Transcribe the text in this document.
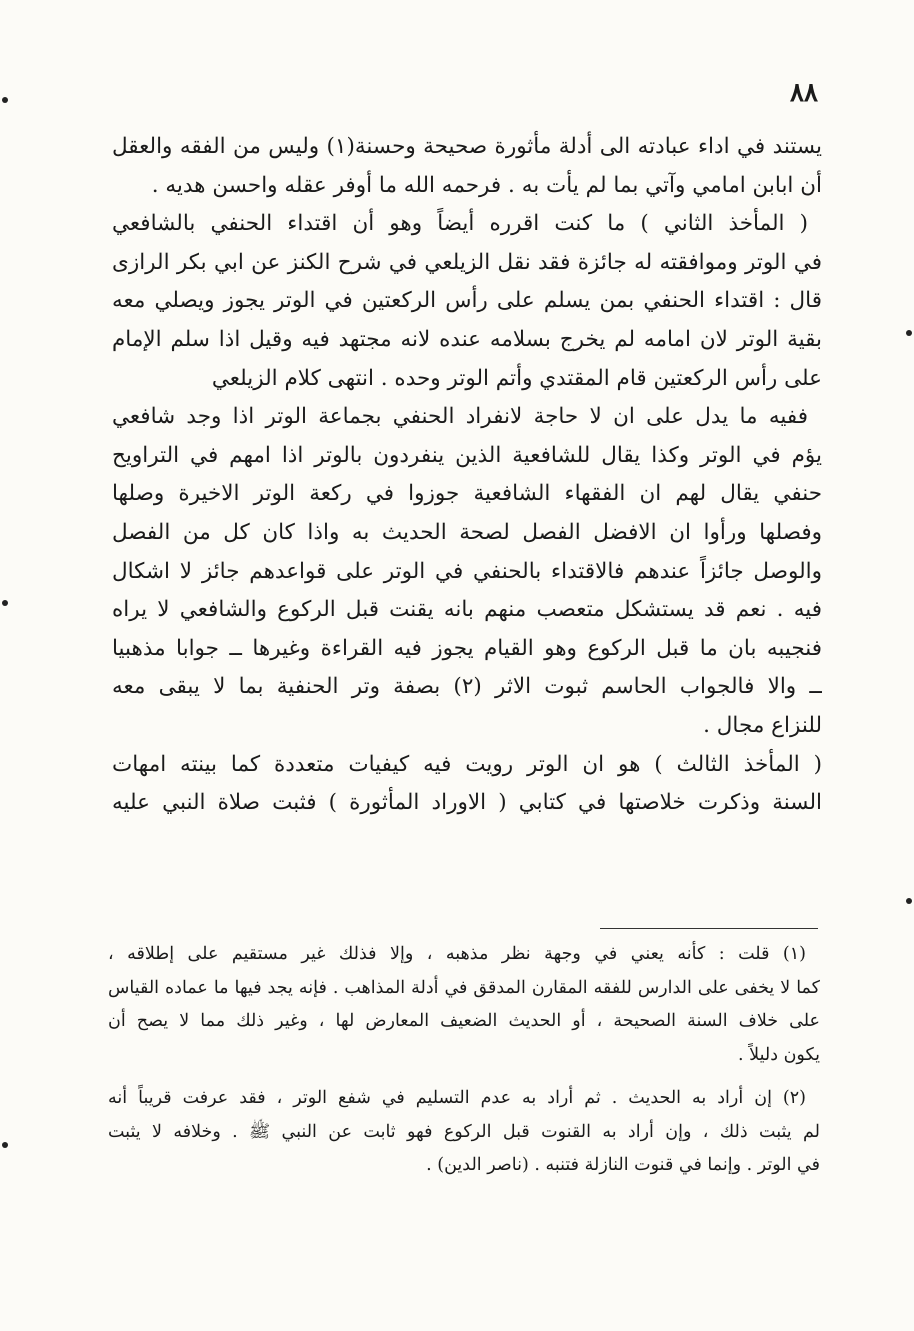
٨٨
يستند في اداء عبادته الى أدلة مأثورة صحيحة وحسنة(١) وليس من الفقه والعقل
أن ابابن امامي وآتي بما لم يأت به . فرحمه الله ما أوفر عقله واحسن هديه .
( المأخذ الثاني ) ما كنت اقرره أيضاً وهو أن اقتداء الحنفي بالشافعي
في الوتر وموافقته له جائزة فقد نقل الزيلعي في شرح الكنز عن ابي بكر الرازى
قال : اقتداء الحنفي بمن يسلم على رأس الركعتين في الوتر يجوز ويصلي معه
بقية الوتر لان امامه لم يخرج بسلامه عنده لانه مجتهد فيه وقيل اذا سلم الإمام
على رأس الركعتين قام المقتدي وأتم الوتر وحده . انتهى كلام الزيلعي
ففيه ما يدل على ان لا حاجة لانفراد الحنفي بجماعة الوتر اذا وجد شافعي
يؤم في الوتر وكذا يقال للشافعية الذين ينفردون بالوتر اذا امهم في التراويح
حنفي يقال لهم ان الفقهاء الشافعية جوزوا في ركعة الوتر الاخيرة وصلها
وفصلها ورأوا ان الافضل الفصل لصحة الحديث به واذا كان كل من الفصل
والوصل جائزاً عندهم فالاقتداء بالحنفي في الوتر على قواعدهم جائز لا اشكال
فيه . نعم قد يستشكل متعصب منهم بانه يقنت قبل الركوع والشافعي لا يراه
فنجيبه بان ما قبل الركوع وهو القيام يجوز فيه القراءة وغيرها ــ جوابا مذهبيا
ــ والا فالجواب الحاسم ثبوت الاثر (٢) بصفة وتر الحنفية بما لا يبقى معه
للنزاع مجال .
( المأخذ الثالث ) هو ان الوتر رويت فيه كيفيات متعددة كما بينته امهات
السنة وذكرت خلاصتها في كتابي ( الاوراد المأثورة ) فثبت صلاة النبي عليه
(١) قلت : كأنه يعني في وجهة نظر مذهبه ، وإلا فذلك غير مستقيم على إطلاقه ،
كما لا يخفى على الدارس للفقه المقارن المدقق في أدلة المذاهب . فإنه يجد فيها ما عماده القياس
على خلاف السنة الصحيحة ، أو الحديث الضعيف المعارض لها ، وغير ذلك مما لا يصح أن
يكون دليلاً .
(٢) إن أراد به الحديث . ثم أراد به عدم التسليم في شفع الوتر ، فقد عرفت قريباً أنه
لم يثبت ذلك ، وإن أراد به القنوت قبل الركوع فهو ثابت عن النبي ﷺ . وخلافه لا يثبت
في الوتر . وإنما في قنوت النازلة فتنبه . (ناصر الدين) .
